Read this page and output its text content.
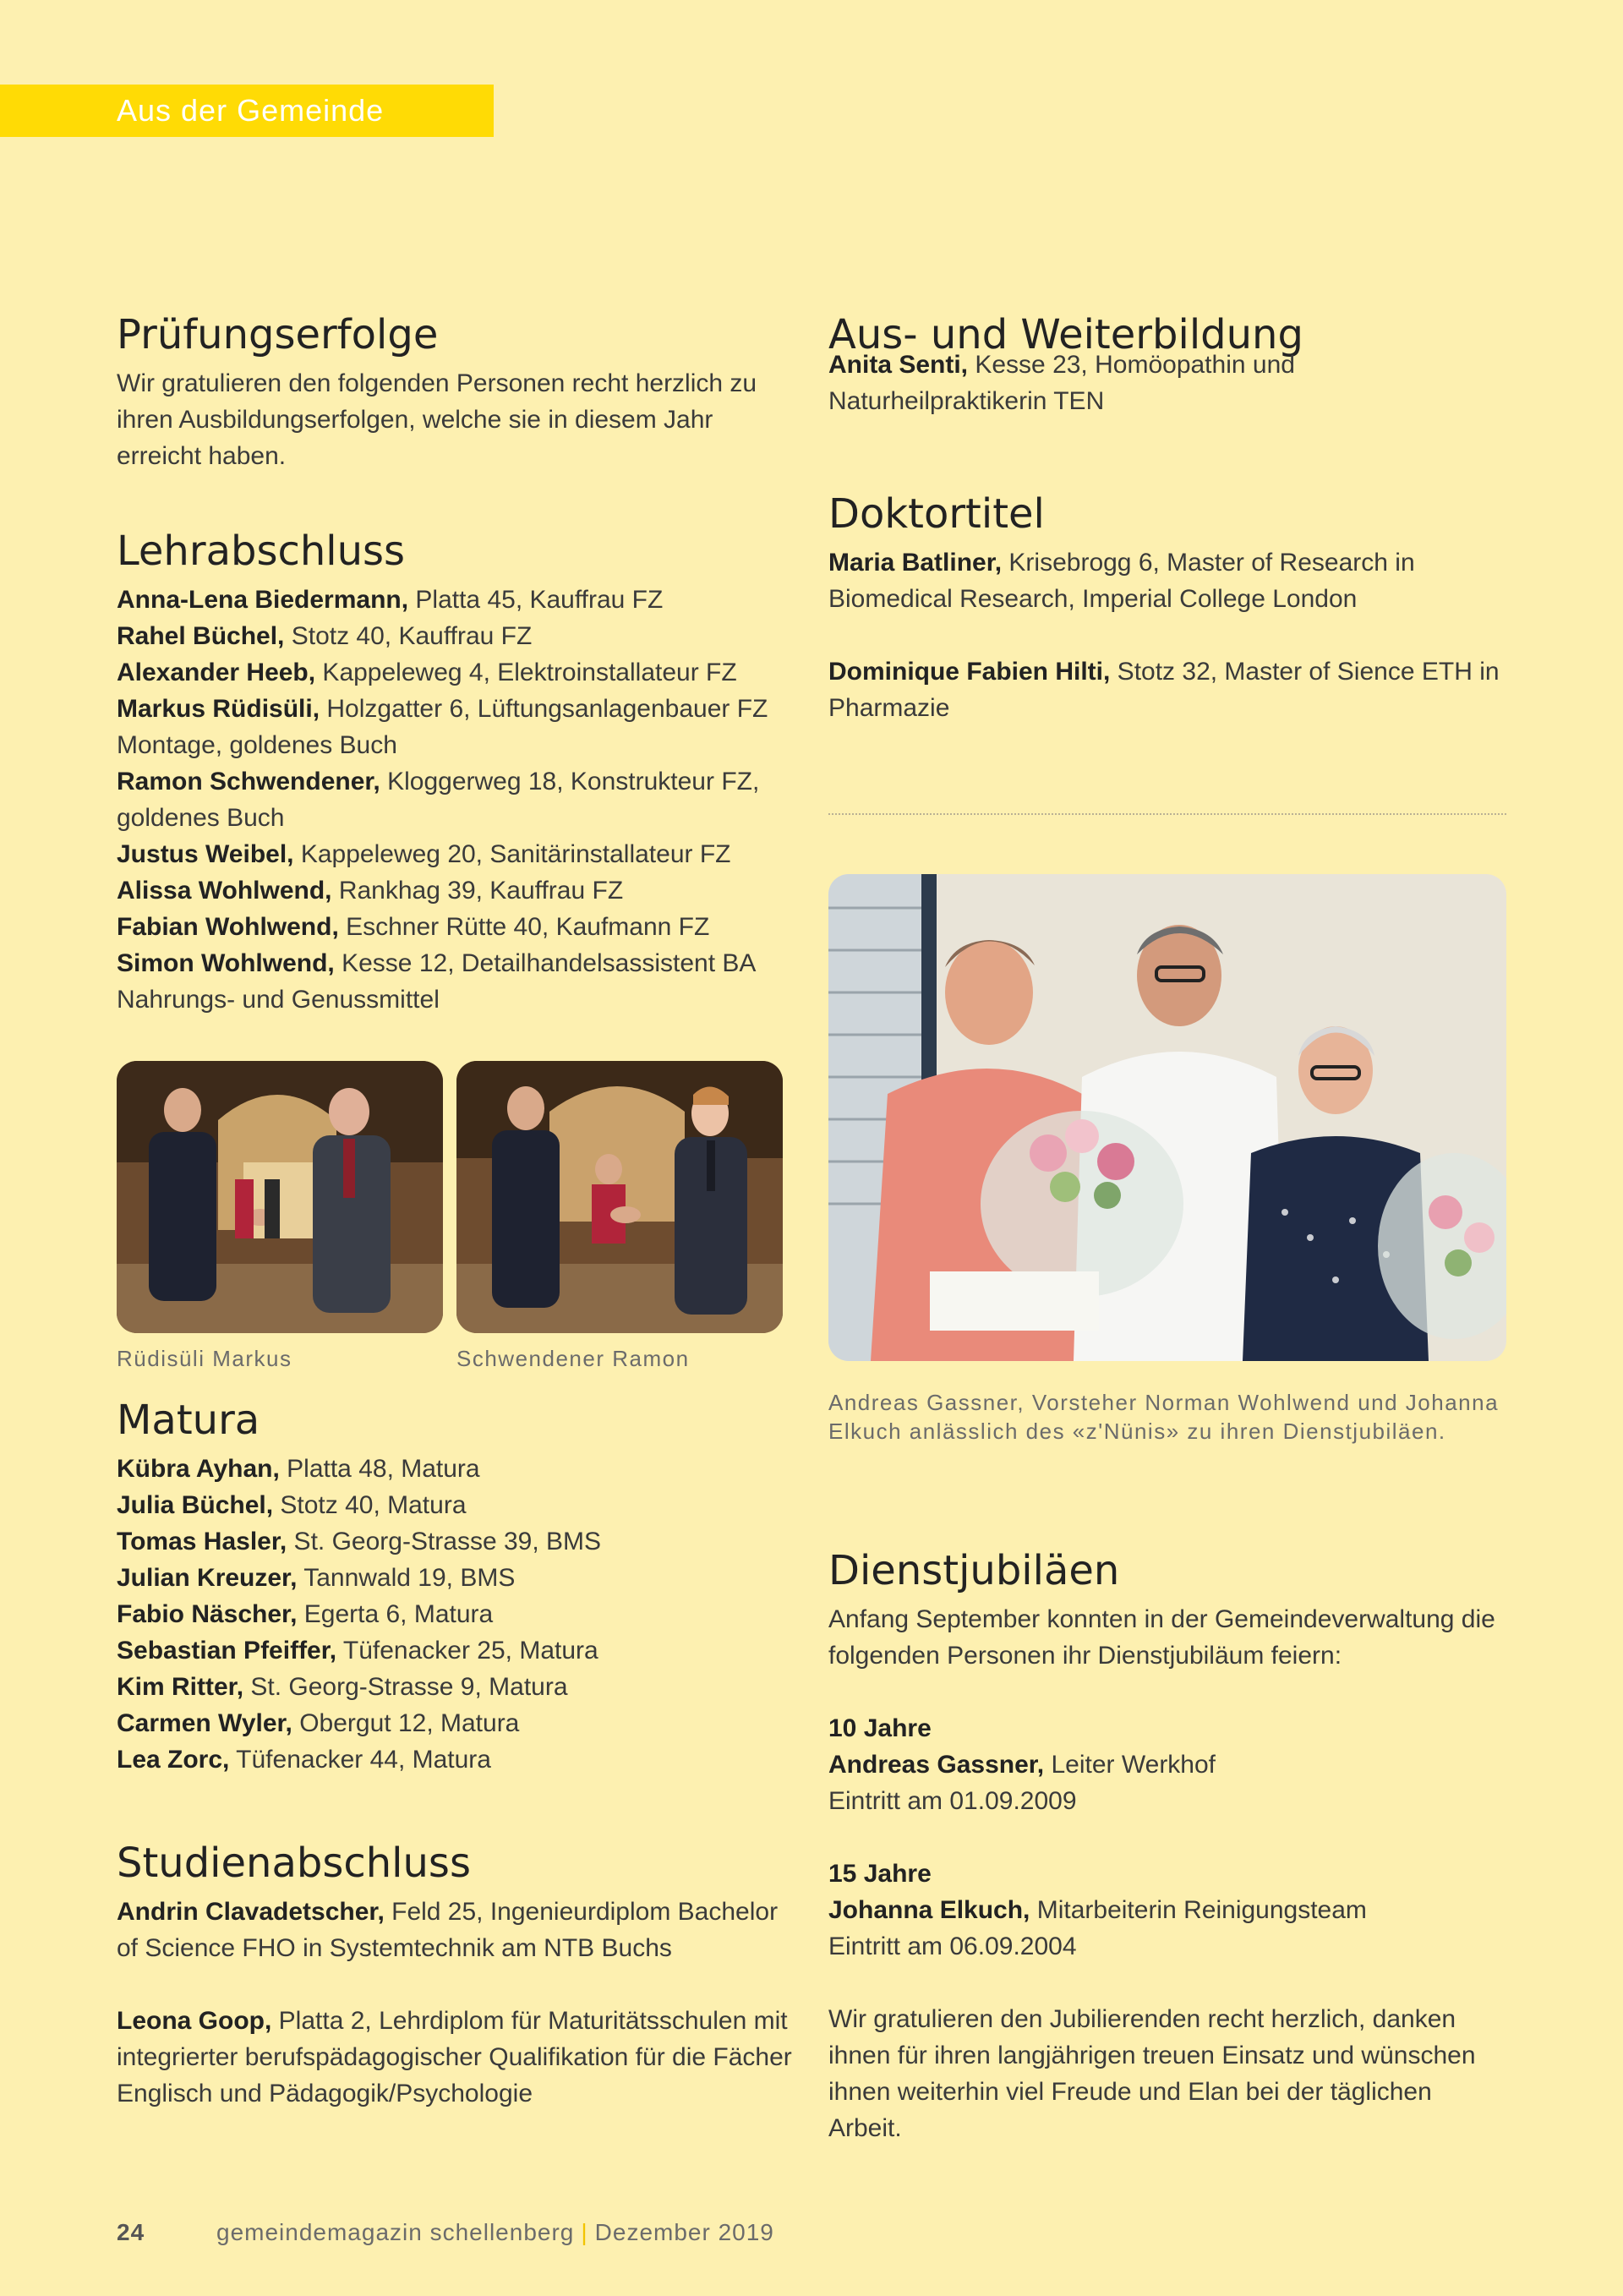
Aus der Gemeinde
Prüfungserfolge

Wir gratulieren den folgenden Personen recht herzlich zu ihren Ausbildungserfolgen, welche sie in diesem Jahr erreicht haben.

Lehrabschluss

Anna-Lena Biedermann, Platta 45, Kauffrau FZ

Rahel Büchel, Stotz 40, Kauffrau FZ

Alexander Heeb, Kappeleweg 4, Elektroinstallateur FZ

Markus Rüdisüli, Holzgatter 6, Lüftungsanlagenbauer FZ Montage, goldenes Buch

Ramon Schwendener, Kloggerweg 18, Konstrukteur FZ, goldenes Buch

Justus Weibel, Kappeleweg 20, Sanitärinstallateur FZ

Alissa Wohlwend, Rankhag 39, Kauffrau FZ

Fabian Wohlwend, Eschner Rütte 40, Kaufmann FZ

Simon Wohlwend, Kesse 12, Detailhandelsassistent BA Nahrungs- und Genussmittel

Rüdisüli Markus	Schwendener Ramon
Matura

Kübra Ayhan, Platta 48, Matura

Julia Büchel, Stotz 40, Matura

Tomas Hasler, St. Georg-Strasse 39, BMS

Julian Kreuzer, Tannwald 19, BMS

Fabio Näscher, Egerta 6, Matura

Sebastian Pfeiffer, Tüfenacker 25, Matura

Kim Ritter, St. Georg-Strasse 9, Matura

Carmen Wyler, Obergut 12, Matura

Lea Zorc, Tüfenacker 44, Matura

Studienabschluss

Andrin Clavadetscher, Feld 25, Ingenieurdiplom Bachelor of Science FHO in Systemtechnik am NTB Buchs

Leona Goop, Platta 2, Lehrdiplom für Maturitätsschulen mit integrierter berufspädagogischer Qualifikation für die Fächer Englisch und Pädagogik/Psychologie

Aus- und Weiterbildung

Anita Senti, Kesse 23, Homöopathin und Naturheilpraktikerin TEN

Doktortitel

Maria Batliner, Krisebrogg 6, Master of Research in Biomedical Research, Imperial College London

Dominique Fabien Hilti, Stotz 32, Master of Sience ETH in Pharmazie

Andreas Gassner, Vorsteher Norman Wohlwend und Johanna Elkuch anlässlich des «z'Nünis» zu ihren Dienstjubiläen.
Dienstjubiläen

Anfang September konnten in der Gemeindeverwaltung die folgenden Personen ihr Dienstjubiläum feiern:

10 Jahre

Andreas Gassner, Leiter Werkhof

Eintritt am 01.09.2009

15 Jahre

Johanna Elkuch, Mitarbeiterin Reinigungsteam

Eintritt am 06.09.2004

Wir gratulieren den Jubilierenden recht herzlich, danken ihnen für ihren langjährigen treuen Einsatz und wünschen ihnen weiterhin viel Freude und Elan bei der täglichen Arbeit.

24	gemeindemagazin schellenberg | Dezember 2019
